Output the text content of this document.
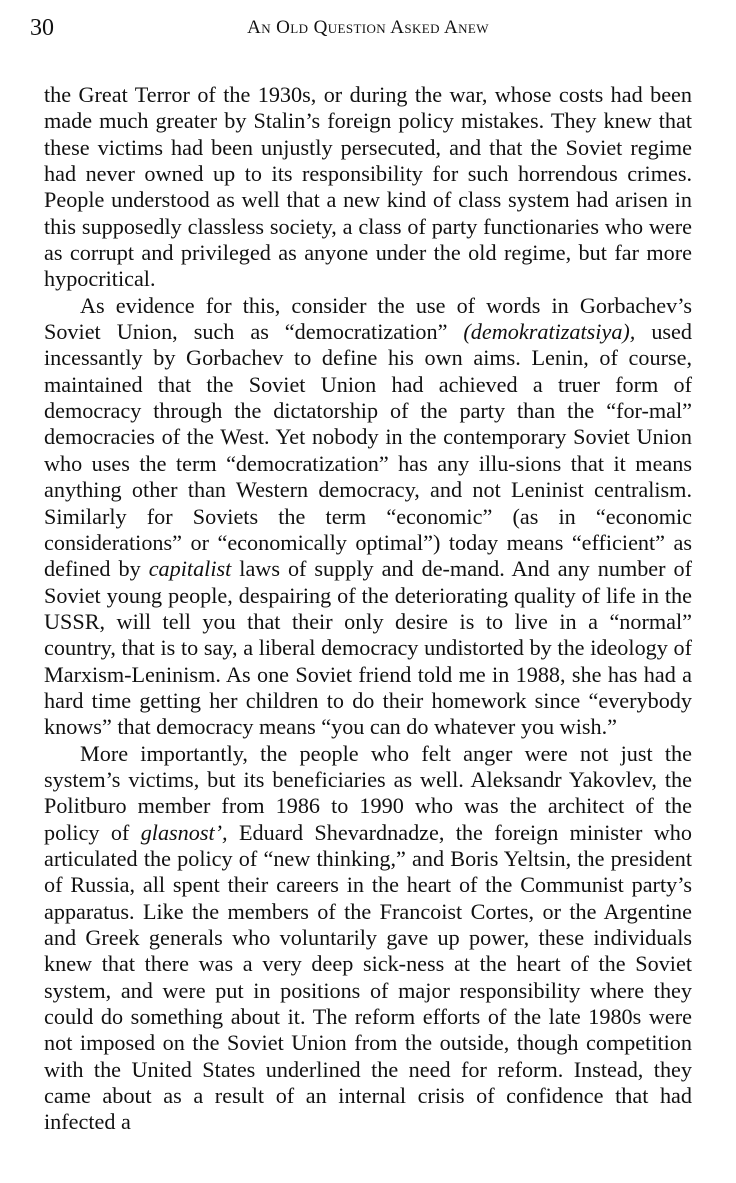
30	An Old Question Asked Anew

the Great Terror of the 1930s, or during the war, whose costs had been made much greater by Stalin’s foreign policy mistakes. They knew that these victims had been unjustly persecuted, and that the Soviet regime had never owned up to its responsibility for such horrendous crimes. People understood as well that a new kind of class system had arisen in this supposedly classless society, a class of party functionaries who were as corrupt and privileged as anyone under the old regime, but far more hypocritical.

As evidence for this, consider the use of words in Gorbachev’s Soviet Union, such as “democratization” (demokratizatsiya), used incessantly by Gorbachev to define his own aims. Lenin, of course, maintained that the Soviet Union had achieved a truer form of democracy through the dictatorship of the party than the “for-mal” democracies of the West. Yet nobody in the contemporary Soviet Union who uses the term “democratization” has any illu-sions that it means anything other than Western democracy, and not Leninist centralism. Similarly for Soviets the term “economic” (as in “economic considerations” or “economically optimal”) today means “efficient” as defined by capitalist laws of supply and de-mand. And any number of Soviet young people, despairing of the deteriorating quality of life in the USSR, will tell you that their only desire is to live in a “normal” country, that is to say, a liberal democracy undistorted by the ideology of Marxism-Leninism. As one Soviet friend told me in 1988, she has had a hard time getting her children to do their homework since “everybody knows” that democracy means “you can do whatever you wish.”

More importantly, the people who felt anger were not just the system’s victims, but its beneficiaries as well. Aleksandr Yakovlev, the Politburo member from 1986 to 1990 who was the architect of the policy of glasnost’, Eduard Shevardnadze, the foreign minister who articulated the policy of “new thinking,” and Boris Yeltsin, the president of Russia, all spent their careers in the heart of the Communist party’s apparatus. Like the members of the Francoist Cortes, or the Argentine and Greek generals who voluntarily gave up power, these individuals knew that there was a very deep sick-ness at the heart of the Soviet system, and were put in positions of major responsibility where they could do something about it. The reform efforts of the late 1980s were not imposed on the Soviet Union from the outside, though competition with the United States underlined the need for reform. Instead, they came about as a result of an internal crisis of confidence that had infected a
